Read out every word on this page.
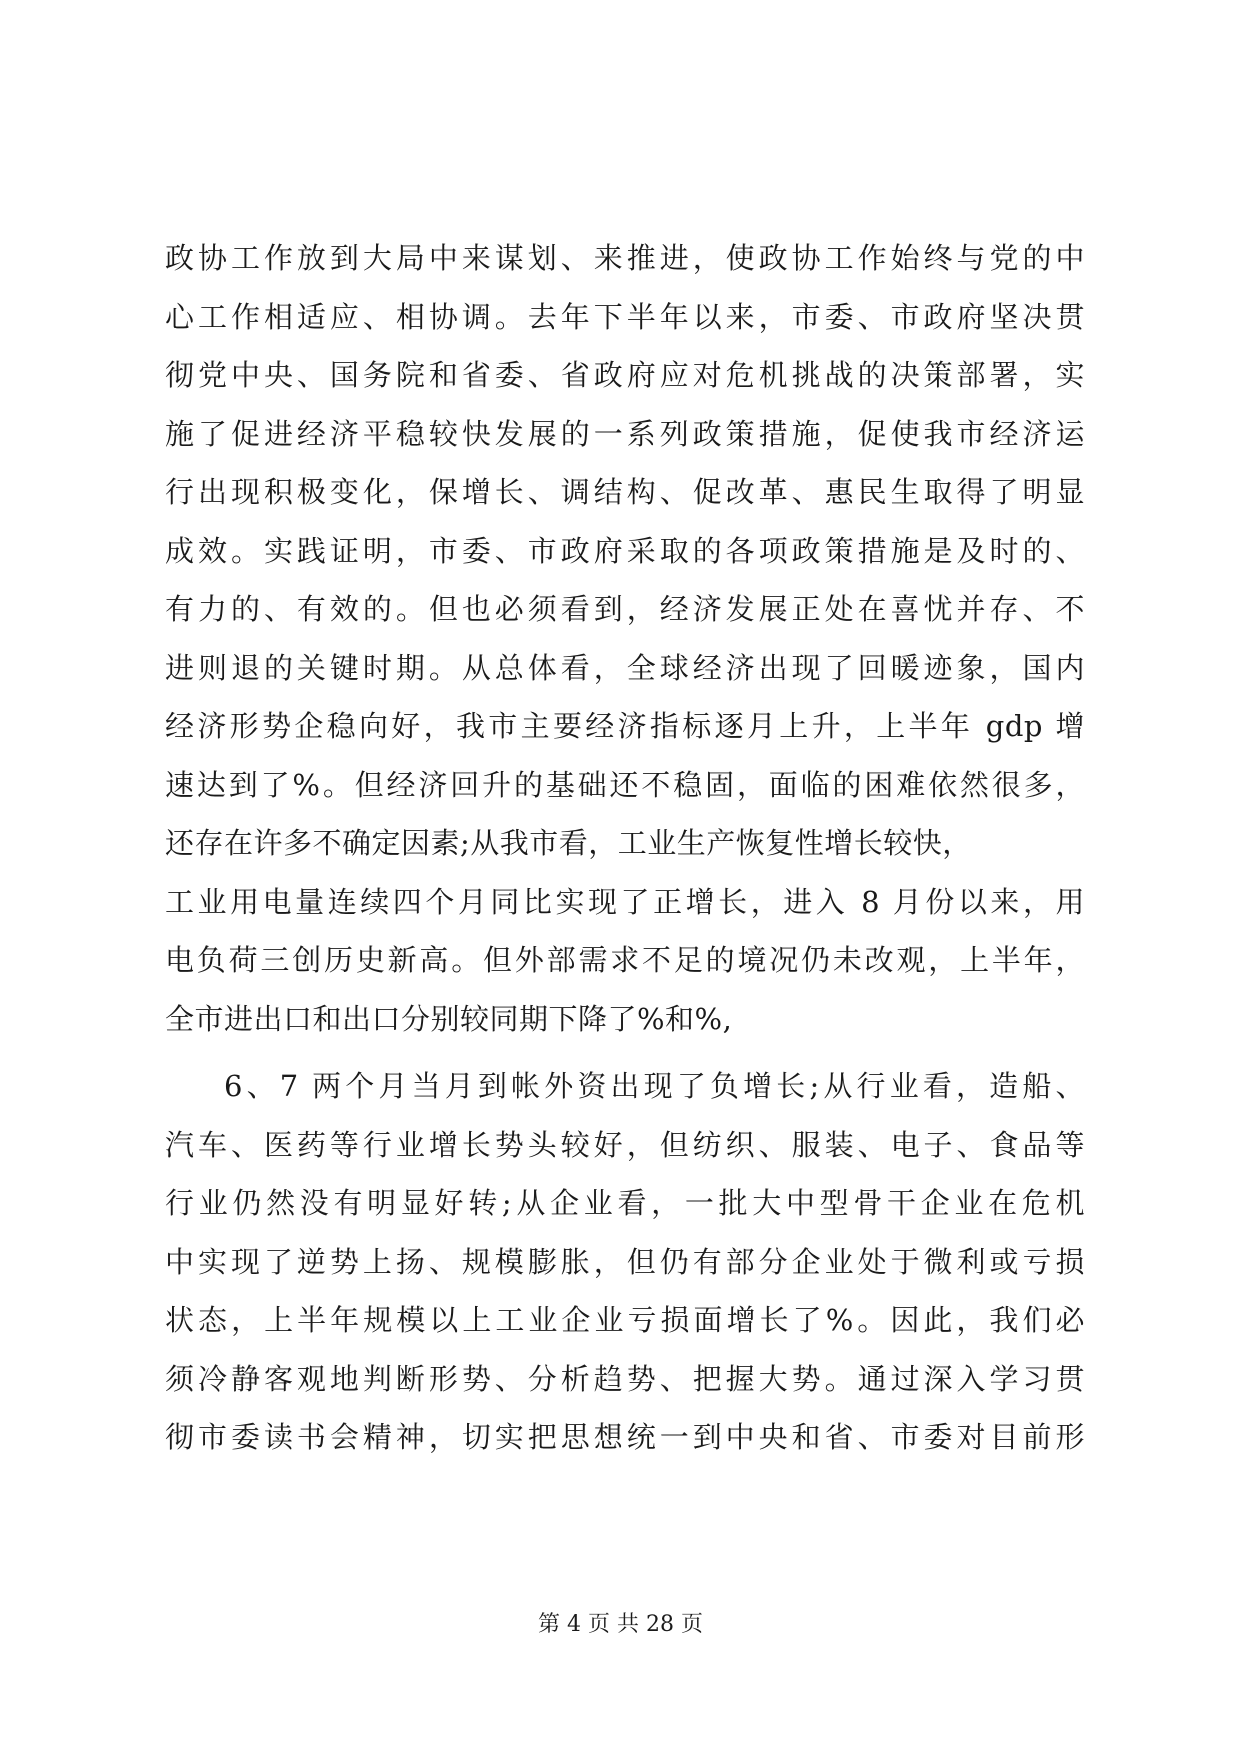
政协工作放到大局中来谋划、来推进，使政协工作始终与党的中
心工作相适应、相协调。去年下半年以来，市委、市政府坚决贯
彻党中央、国务院和省委、省政府应对危机挑战的决策部署，实
施了促进经济平稳较快发展的一系列政策措施，促使我市经济运
行出现积极变化，保增长、调结构、促改革、惠民生取得了明显
成效。实践证明，市委、市政府采取的各项政策措施是及时的、
有力的、有效的。但也必须看到，经济发展正处在喜忧并存、不
进则退的关键时期。从总体看，全球经济出现了回暖迹象，国内
经济形势企稳向好，我市主要经济指标逐月上升，上半年 gdp 增
速达到了%。但经济回升的基础还不稳固，面临的困难依然很多，
还存在许多不确定因素;从我市看，工业生产恢复性增长较快，
工业用电量连续四个月同比实现了正增长，进入 8 月份以来，用
电负荷三创历史新高。但外部需求不足的境况仍未改观，上半年，
全市进出口和出口分别较同期下降了%和%,
6、7 两个月当月到帐外资出现了负增长;从行业看，造船、
汽车、医药等行业增长势头较好，但纺织、服装、电子、食品等
行业仍然没有明显好转;从企业看，一批大中型骨干企业在危机
中实现了逆势上扬、规模膨胀，但仍有部分企业处于微利或亏损
状态，上半年规模以上工业企业亏损面增长了%。因此，我们必
须冷静客观地判断形势、分析趋势、把握大势。通过深入学习贯
彻市委读书会精神，切实把思想统一到中央和省、市委对目前形
第 4 页 共 28 页
